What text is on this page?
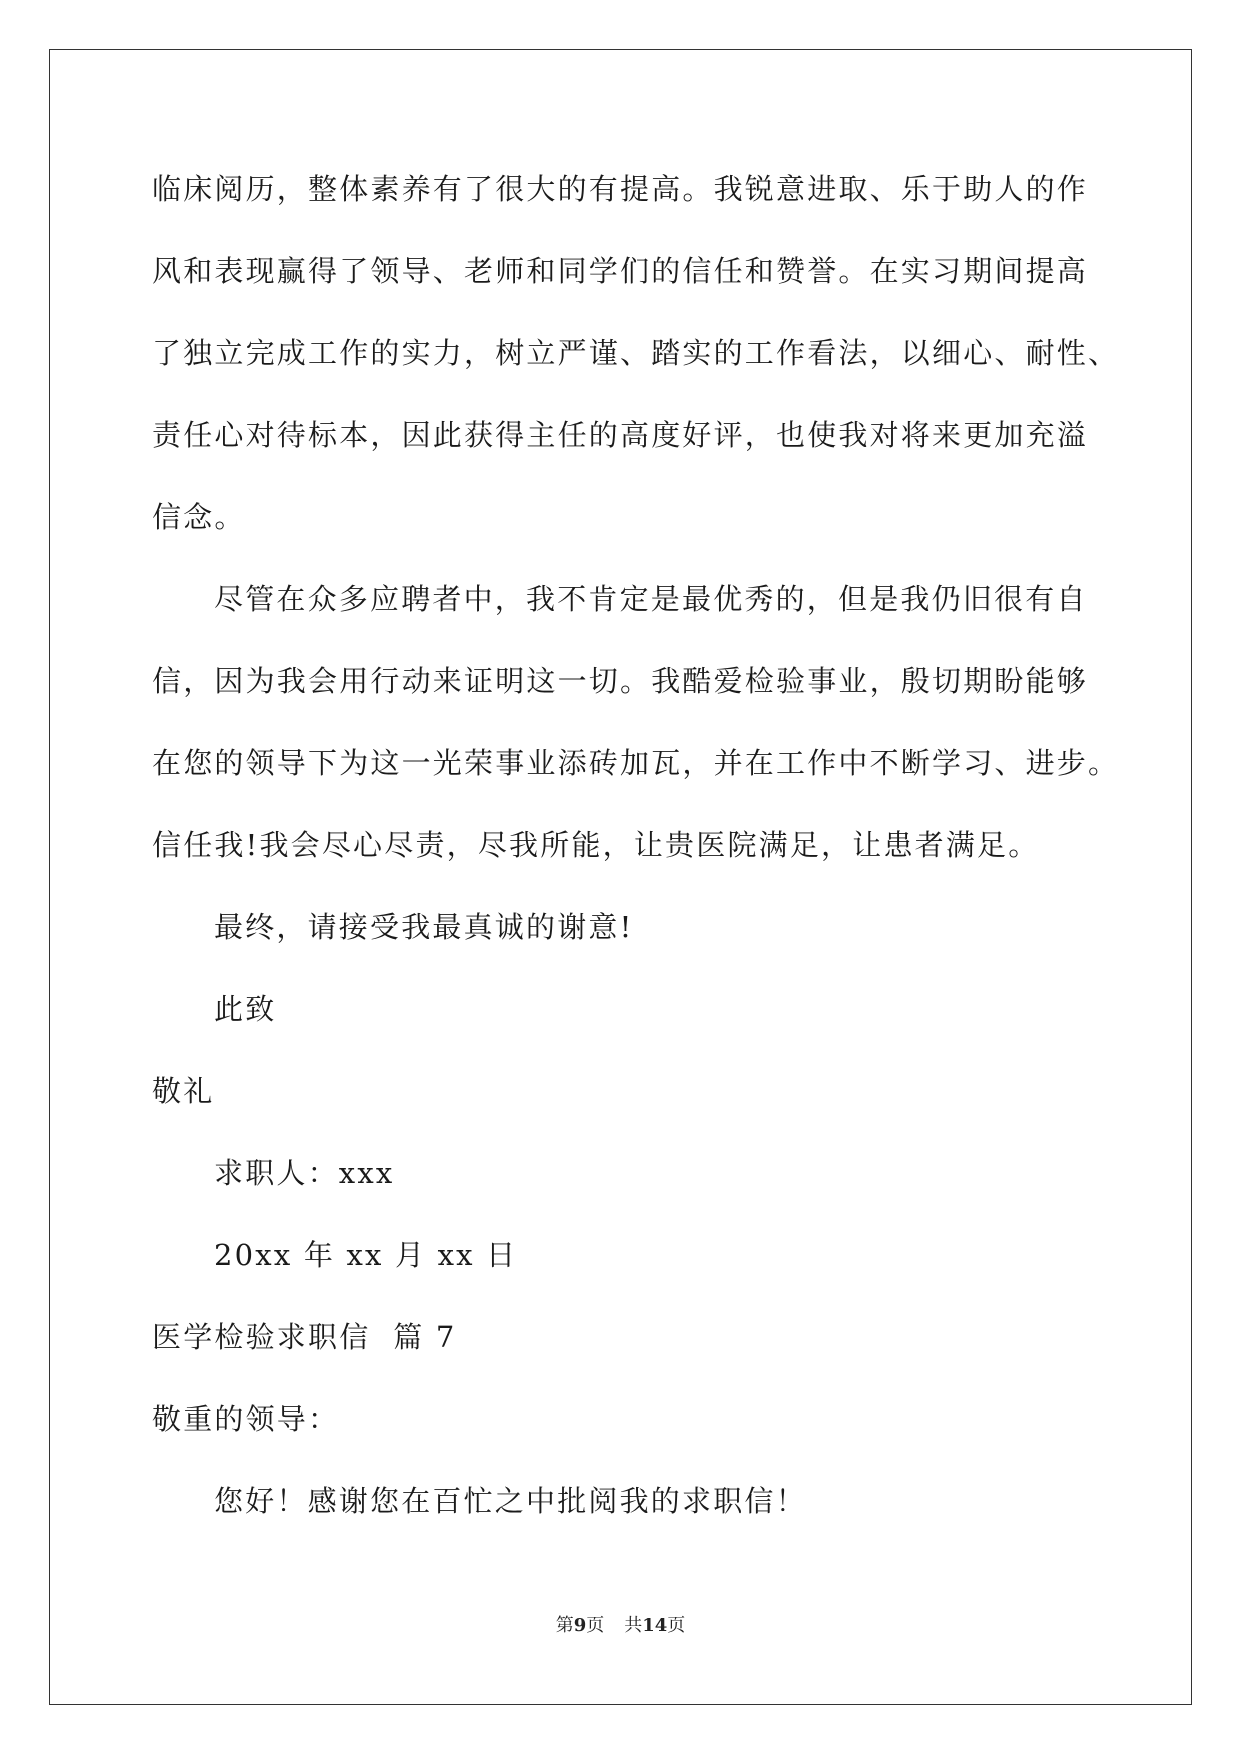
临床阅历，整体素养有了很大的有提高。我锐意进取、乐于助人的作
风和表现赢得了领导、老师和同学们的信任和赞誉。在实习期间提高
了独立完成工作的实力，树立严谨、踏实的工作看法，以细心、耐性、
责任心对待标本，因此获得主任的高度好评，也使我对将来更加充溢
信念。
尽管在众多应聘者中，我不肯定是最优秀的，但是我仍旧很有自
信，因为我会用行动来证明这一切。我酷爱检验事业，殷切期盼能够
在您的领导下为这一光荣事业添砖加瓦，并在工作中不断学习、进步。
信任我!我会尽心尽责，尽我所能，让贵医院满足，让患者满足。
最终，请接受我最真诚的谢意!
此致
敬礼
求职人：xxx
20xx 年 xx 月 xx 日
医学检验求职信  篇 7
敬重的领导：
您好！感谢您在百忙之中批阅我的求职信！
第9页 共14页
